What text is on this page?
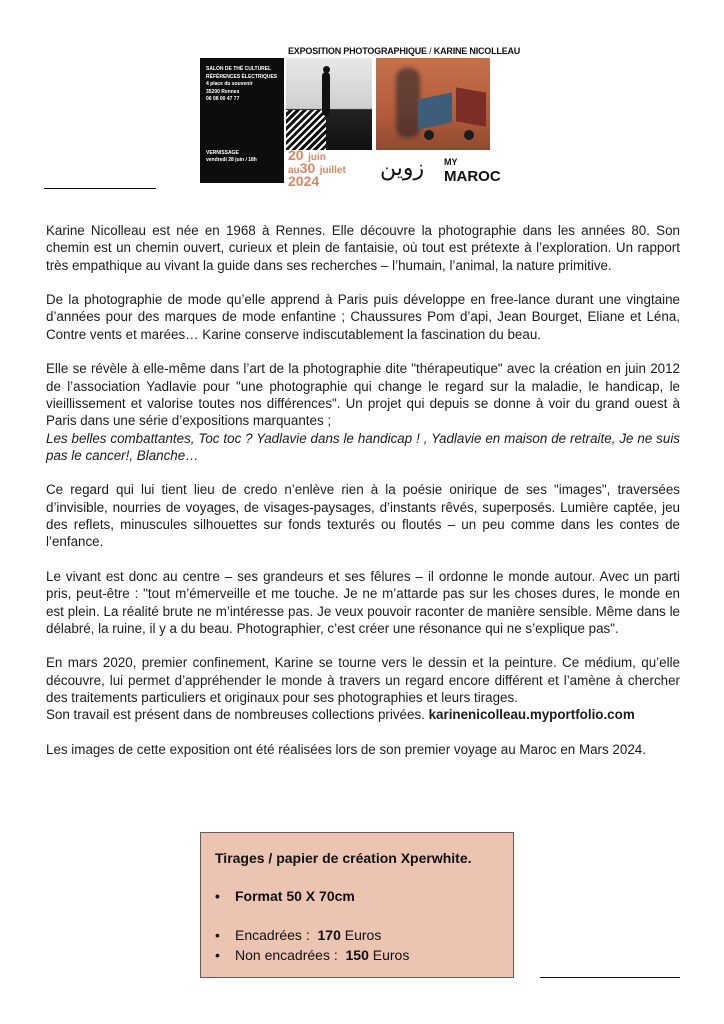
EXPOSITION PHOTOGRAPHIQUE / KARINE NICOLLEAU
SALON DE THÉ CULTUREL
RÉFÉRENCES ÉLECTRIQUES
4 place du souvenir
35200 Rennes
06 08 00 47 77
VERNISSAGE
vendredi 28 juin / 18h 20 juin
au30 juillet
2024	زوين MY
MAROC

Karine Nicolleau est née en 1968 à Rennes. Elle découvre la photographie dans les années 80. Son chemin est un chemin ouvert, curieux et plein de fantaisie, où tout est prétexte à l’exploration. Un rapport très empathique au vivant la guide dans ses recherches – l’humain, l’animal, la nature primitive.

De la photographie de mode qu’elle apprend à Paris puis développe en free-lance durant une vingtaine d’années pour des marques de mode enfantine ; Chaussures Pom d’api, Jean Bourget, Eliane et Léna, Contre vents et marées… Karine conserve indiscutablement la fascination du beau.

Elle se révèle à elle-même dans l’art de la photographie dite "thérapeutique" avec la création en juin 2012 de l’association Yadlavie pour "une photographie qui change le regard sur la maladie, le handicap, le vieillissement et valorise toutes nos différences". Un projet qui depuis se donne à voir du grand ouest à Paris dans une série d’expositions marquantes ;
Les belles combattantes, Toc toc ? Yadlavie dans le handicap ! , Yadlavie en maison de retraite, Je ne suis pas le cancer!, Blanche…

Ce regard qui lui tient lieu de credo n’enlève rien à la poésie onirique de ses "images", traversées d’invisible, nourries de voyages, de visages-paysages, d’instants rêvés, superposés. Lumière captée, jeu des reflets, minuscules silhouettes sur fonds texturés ou floutés – un peu comme dans les contes de l’enfance.

Le vivant est donc au centre – ses grandeurs et ses fêlures – il ordonne le monde autour. Avec un parti pris, peut-être : "tout m’émerveille et me touche. Je ne m’attarde pas sur les choses dures, le monde en est plein. La réalité brute ne m’intéresse pas. Je veux pouvoir raconter de manière sensible. Même dans le délabré, la ruine, il y a du beau. Photographier, c’est créer une résonance qui ne s’explique pas".

En mars 2020, premier confinement, Karine se tourne vers le dessin et la peinture. Ce médium, qu’elle découvre, lui permet d’appréhender le monde à travers un regard encore différent et l’amène à chercher des traitements particuliers et originaux pour ses photographies et leurs tirages.
Son travail est présent dans de nombreuses collections privées. karinenicolleau.myportfolio.com

Les images de cette exposition ont été réalisées lors de son premier voyage au Maroc en Mars 2024.

Tirages / papier de création Xperwhite.
• Format 50 X 70cm
• Encadrées : 170 Euros
• Non encadrées : 150 Euros
